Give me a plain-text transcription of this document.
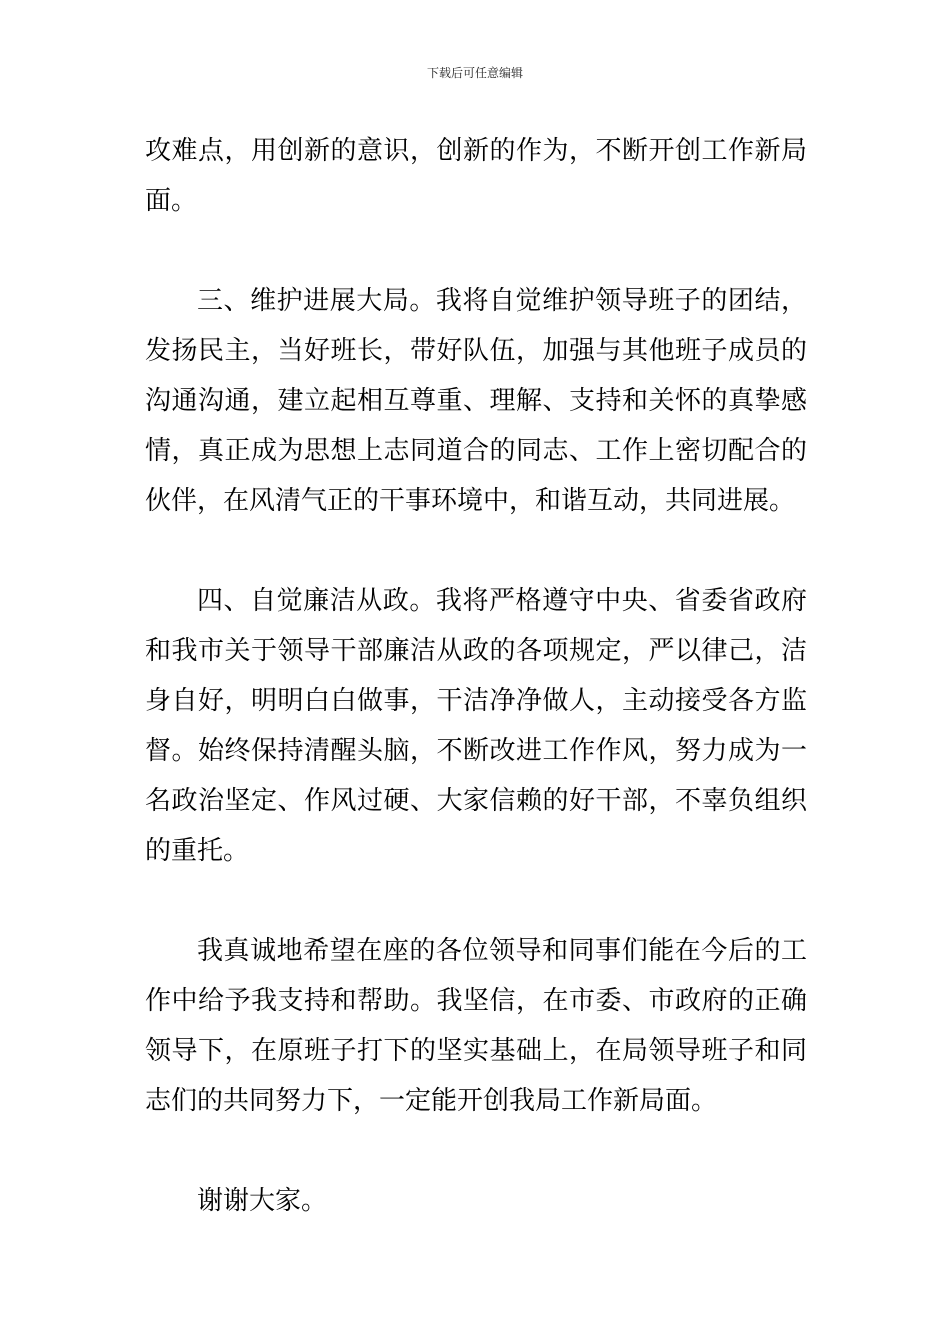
下载后可任意编辑

攻难点，用创新的意识，创新的作为，不断开创工作新局面。

三、维护进展大局。我将自觉维护领导班子的团结，发扬民主，当好班长，带好队伍，加强与其他班子成员的沟通沟通，建立起相互尊重、理解、支持和关怀的真挚感情，真正成为思想上志同道合的同志、工作上密切配合的伙伴，在风清气正的干事环境中，和谐互动，共同进展。

四、自觉廉洁从政。我将严格遵守中央、省委省政府和我市关于领导干部廉洁从政的各项规定，严以律己，洁身自好，明明白白做事，干洁净净做人，主动接受各方监督。始终保持清醒头脑，不断改进工作作风，努力成为一名政治坚定、作风过硬、大家信赖的好干部，不辜负组织的重托。

我真诚地希望在座的各位领导和同事们能在今后的工作中给予我支持和帮助。我坚信，在市委、市政府的正确领导下，在原班子打下的坚实基础上，在局领导班子和同志们的共同努力下，一定能开创我局工作新局面。

谢谢大家。
